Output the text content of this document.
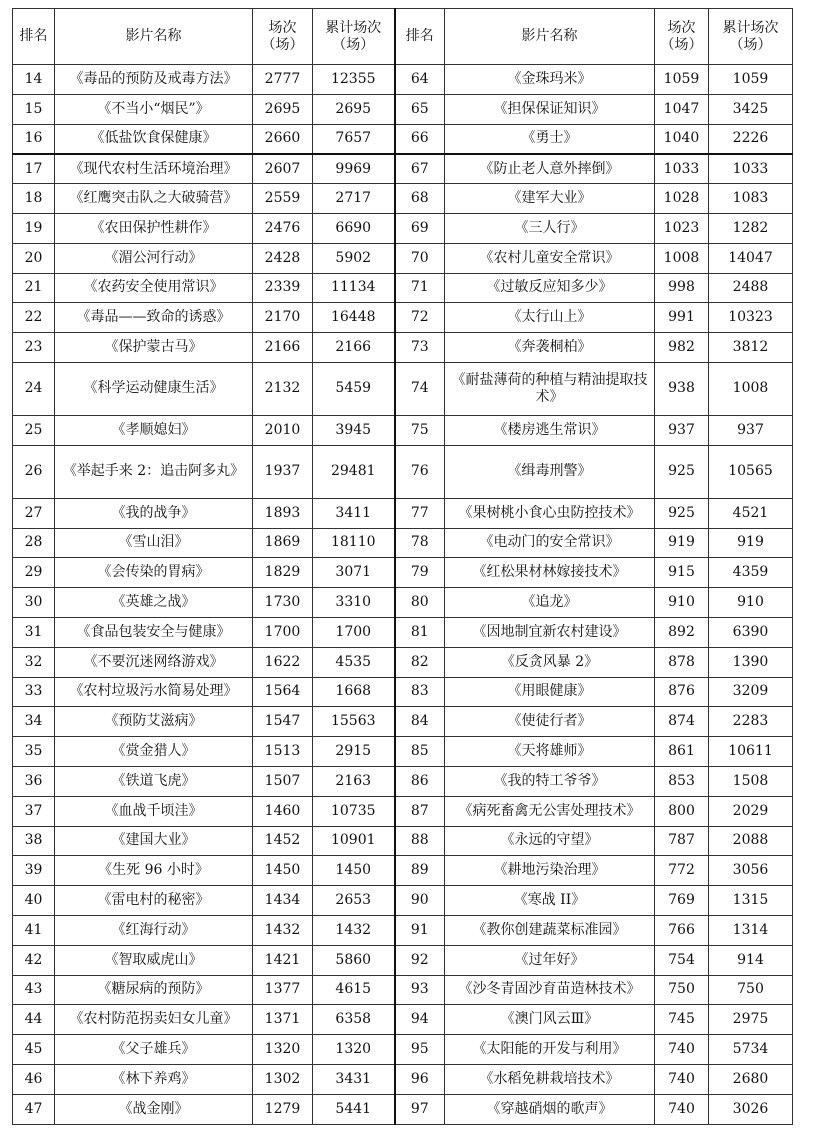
排名	影片名称	场次（场）	累计场次（场）	排名	影片名称	场次（场）	累计场次（场）
14	《毒品的预防及戒毒方法》	2777	12355	64	《金珠玛米》	1059	1059
15	《不当小“烟民”》	2695	2695	65	《担保保证知识》	1047	3425
16	《低盐饮食保健康》	2660	7657	66	《勇士》	1040	2226
17	《现代农村生活环境治理》	2607	9969	67	《防止老人意外摔倒》	1033	1033
18	《红鹰突击队之大破骑营》	2559	2717	68	《建军大业》	1028	1083
19	《农田保护性耕作》	2476	6690	69	《三人行》	1023	1282
20	《湄公河行动》	2428	5902	70	《农村儿童安全常识》	1008	14047
21	《农药安全使用常识》	2339	11134	71	《过敏反应知多少》	998	2488
22	《毒品——致命的诱惑》	2170	16448	72	《太行山上》	991	10323
23	《保护蒙古马》	2166	2166	73	《奔袭桐柏》	982	3812
24	《科学运动健康生活》	2132	5459	74	《耐盐薄荷的种植与精油提取技术》	938	1008
25	《孝顺媳妇》	2010	3945	75	《楼房逃生常识》	937	937
26	《举起手来 2：追击阿多丸》	1937	29481	76	《缉毒刑警》	925	10565
27	《我的战争》	1893	3411	77	《果树桃小食心虫防控技术》	925	4521
28	《雪山泪》	1869	18110	78	《电动门的安全常识》	919	919
29	《会传染的胃病》	1829	3071	79	《红松果材林嫁接技术》	915	4359
30	《英雄之战》	1730	3310	80	《追龙》	910	910
31	《食品包装安全与健康》	1700	1700	81	《因地制宜新农村建设》	892	6390
32	《不要沉迷网络游戏》	1622	4535	82	《反贪风暴 2》	878	1390
33	《农村垃圾污水简易处理》	1564	1668	83	《用眼健康》	876	3209
34	《预防艾滋病》	1547	15563	84	《使徒行者》	874	2283
35	《赏金猎人》	1513	2915	85	《天将雄师》	861	10611
36	《铁道飞虎》	1507	2163	86	《我的特工爷爷》	853	1508
37	《血战千顷洼》	1460	10735	87	《病死畜禽无公害处理技术》	800	2029
38	《建国大业》	1452	10901	88	《永远的守望》	787	2088
39	《生死 96 小时》	1450	1450	89	《耕地污染治理》	772	3056
40	《雷电村的秘密》	1434	2653	90	《寒战 II》	769	1315
41	《红海行动》	1432	1432	91	《教你创建蔬菜标准园》	766	1314
42	《智取威虎山》	1421	5860	92	《过年好》	754	914
43	《糖尿病的预防》	1377	4615	93	《沙冬青固沙育苗造林技术》	750	750
44	《农村防范拐卖妇女儿童》	1371	6358	94	《澳门风云Ⅲ》	745	2975
45	《父子雄兵》	1320	1320	95	《太阳能的开发与利用》	740	5734
46	《林下养鸡》	1302	3431	96	《水稻免耕栽培技术》	740	2680
47	《战金刚》	1279	5441	97	《穿越硝烟的歌声》	740	3026
